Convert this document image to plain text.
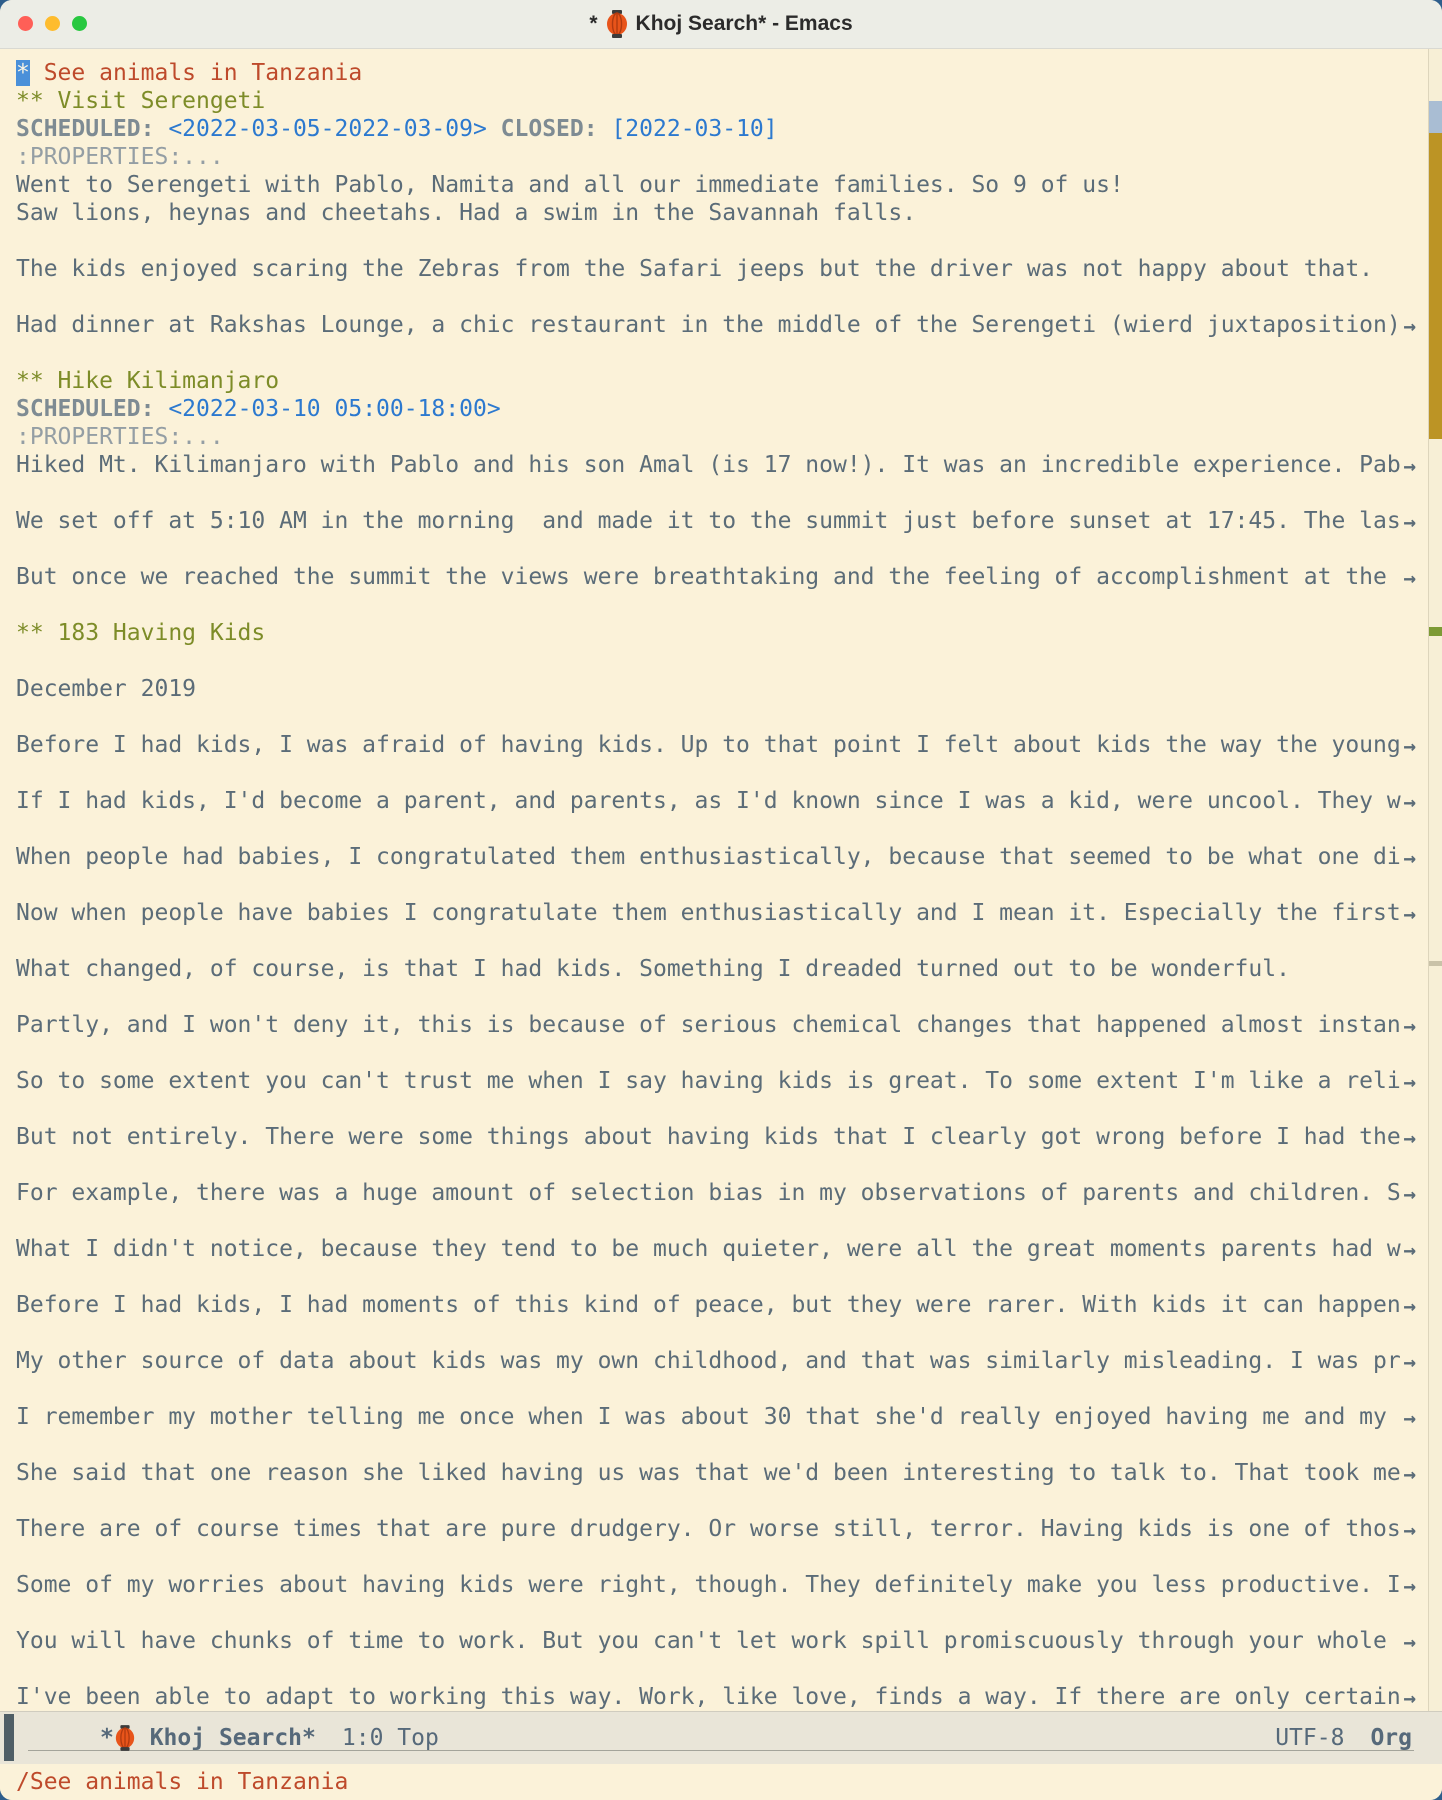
* Khoj Search* - Emacs
* See animals in Tanzania
** Visit Serengeti
SCHEDULED: <2022-03-05-2022-03-09> CLOSED: [2022-03-10]
:PROPERTIES:...
Went to Serengeti with Pablo, Namita and all our immediate families. So 9 of us!
Saw lions, heynas and cheetahs. Had a swim in the Savannah falls.
The kids enjoyed scaring the Zebras from the Safari jeeps but the driver was not happy about that.
Had dinner at Rakshas Lounge, a chic restaurant in the middle of the Serengeti (wierd juxtaposition) →
** Hike Kilimanjaro
SCHEDULED: <2022-03-10 05:00-18:00>
:PROPERTIES:...
Hiked Mt. Kilimanjaro with Pablo and his son Amal (is 17 now!). It was an incredible experience. Pab →
We set off at 5:10 AM in the morning  and made it to the summit just before sunset at 17:45. The las →
But once we reached the summit the views were breathtaking and the feeling of accomplishment at the →
** 183 Having Kids
December 2019
Before I had kids, I was afraid of having kids. Up to that point I felt about kids the way the young →
If I had kids, I'd become a parent, and parents, as I'd known since I was a kid, were uncool. They w →
When people had babies, I congratulated them enthusiastically, because that seemed to be what one di →
Now when people have babies I congratulate them enthusiastically and I mean it. Especially the first →
What changed, of course, is that I had kids. Something I dreaded turned out to be wonderful.
Partly, and I won't deny it, this is because of serious chemical changes that happened almost instan →
So to some extent you can't trust me when I say having kids is great. To some extent I'm like a reli →
But not entirely. There were some things about having kids that I clearly got wrong before I had the →
For example, there was a huge amount of selection bias in my observations of parents and children. S →
What I didn't notice, because they tend to be much quieter, were all the great moments parents had w →
Before I had kids, I had moments of this kind of peace, but they were rarer. With kids it can happen →
My other source of data about kids was my own childhood, and that was similarly misleading. I was pr →
I remember my mother telling me once when I was about 30 that she'd really enjoyed having me and my →
She said that one reason she liked having us was that we'd been interesting to talk to. That took me →
There are of course times that are pure drudgery. Or worse still, terror. Having kids is one of thos →
Some of my worries about having kids were right, though. They definitely make you less productive. I →
You will have chunks of time to work. But you can't let work spill promiscuously through your whole →
I've been able to adapt to working this way. Work, like love, finds a way. If there are only certain →
* Khoj Search* 1:0 Top	UTF-8 Org
/See animals in Tanzania
